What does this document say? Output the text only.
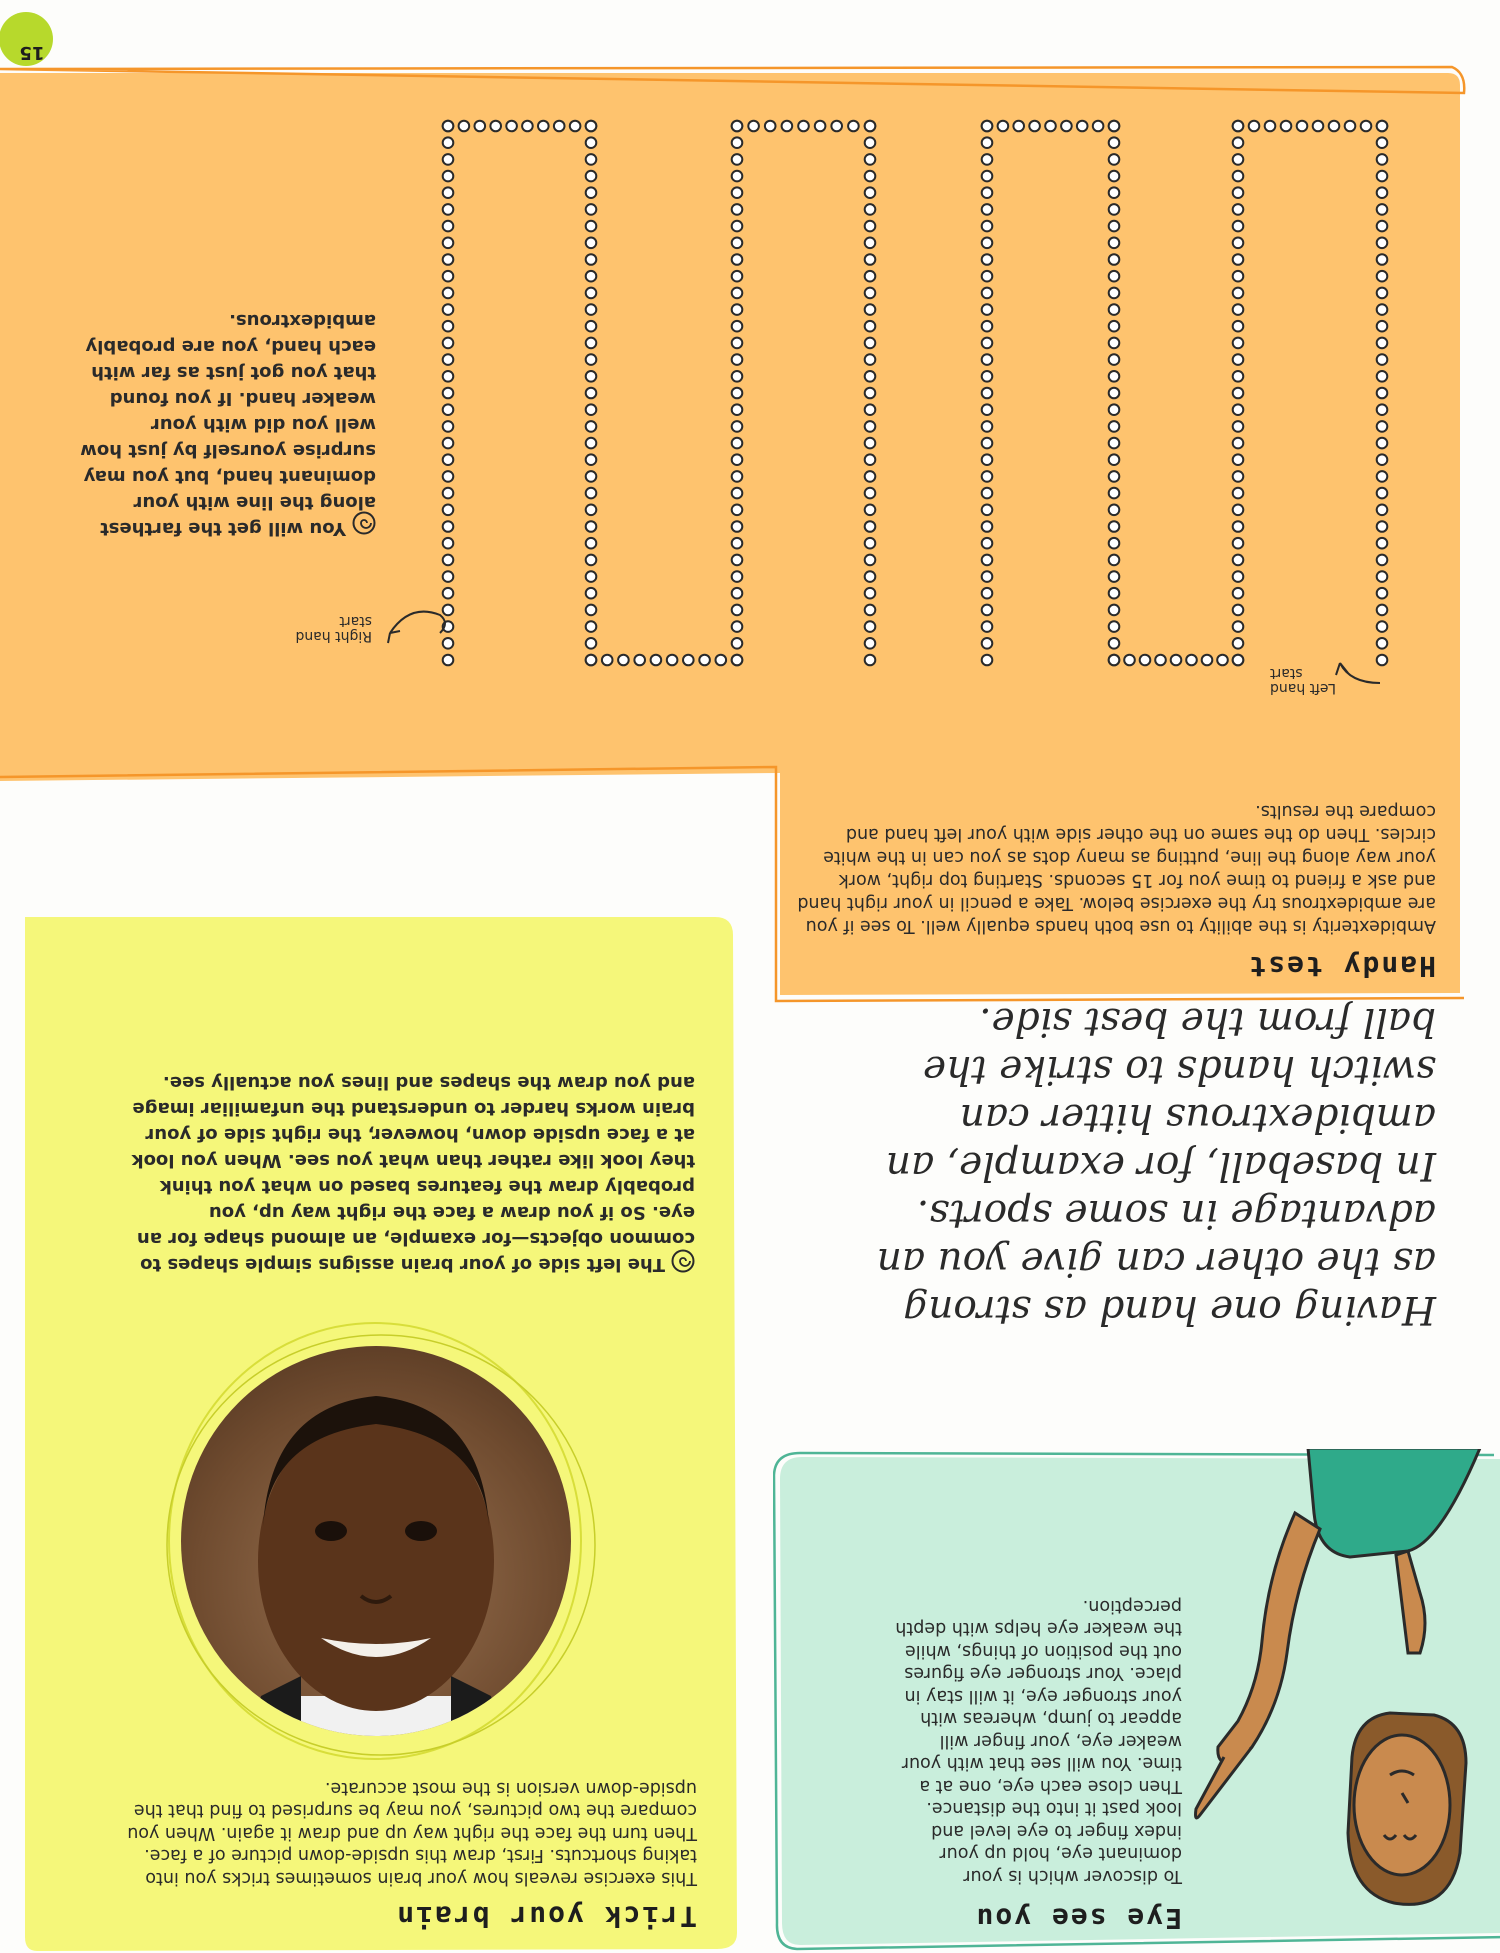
Eye see you

To discover which is your dominant eye, hold up your index finger to eye level and look past it into the distance. Then close each eye, one at a time. You will see that with your weaker eye, your finger will appear to jump, whereas with your stronger eye, it will stay in place. Your stronger eye figures out the position of things, while the weaker eye helps with depth perception.

Trick your brain

This exercise reveals how your brain sometimes tricks you into taking shortcuts. First, draw this upside-down picture of a face. Then turn the face the right way up and draw it again. When you compare the two pictures, you may be surprised to find that the upside-down version is the most accurate.

The left side of your brain assigns simple shapes to common objects—for example, an almond shape for an eye. So if you draw a face the right way up, you probably draw the features based on what you think they look like rather than what you see. When you look at a face upside down, however, the right side of your brain works harder to understand the unfamiliar image and you draw the shapes and lines you actually see.

Having one hand as strong as the other can give you an advantage in some sports. In baseball, for example, an ambidextrous hitter can switch hands to strike the ball from the best side.

Handy test

Ambidexterity is the ability to use both hands equally well. To see if you are ambidextrous try the exercise below. Take a pencil in your right hand and ask a friend to time you for 15 seconds. Starting top right, work your way along the line, putting as many dots as you can in the white circles. Then do the same on the other side with your left hand and compare the results.

Left hand start

Right hand start

You will get the farthest along the line with your dominant hand, but you may surprise yourself by just how well you did with your weaker hand. If you found that you got just as far with each hand, you are probably ambidextrous.

15
